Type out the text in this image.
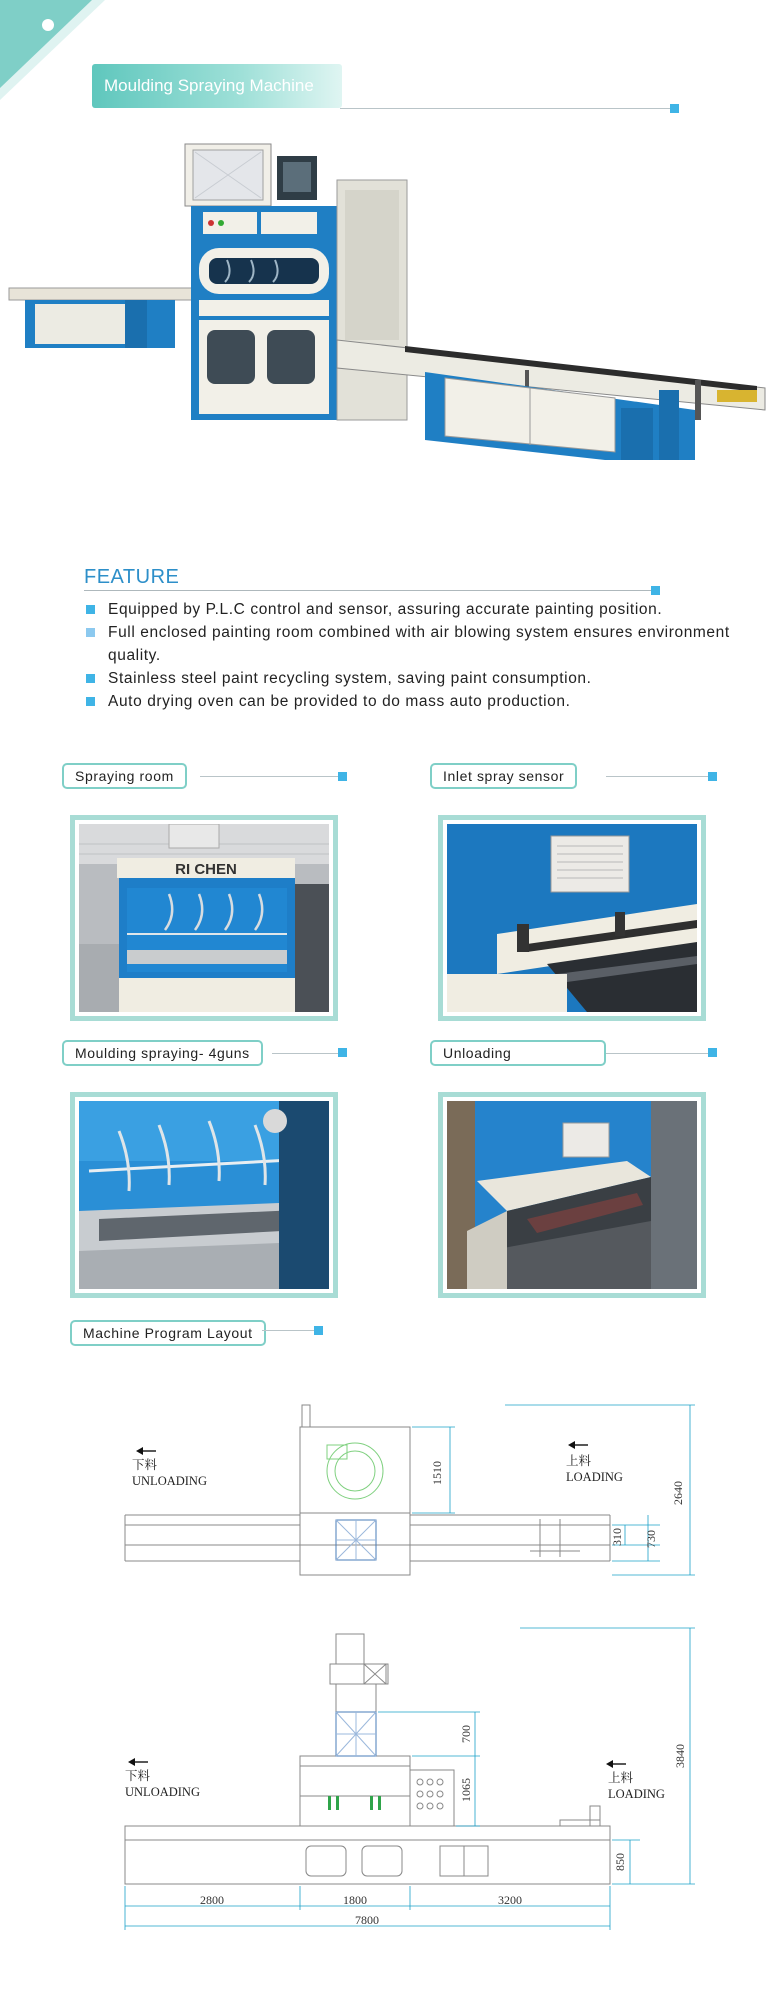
Moulding Spraying Machine
FEATURE
Equipped by P.L.C control and sensor, assuring accurate painting position.
Full enclosed painting room combined with air blowing system ensures environment quality.
Stainless steel paint recycling system, saving paint consumption.
Auto drying oven can be provided to do mass auto production.
Spraying room	Inlet spray sensor
RI CHEN
Moulding spraying- 4guns	Unloading
Machine Program Layout
1510
2640
310 730
下料
UNLOADING
上料
LOADING
700
1065
3840
850
2800	1800	3200
7800
下料
UNLOADING
上料
LOADING
